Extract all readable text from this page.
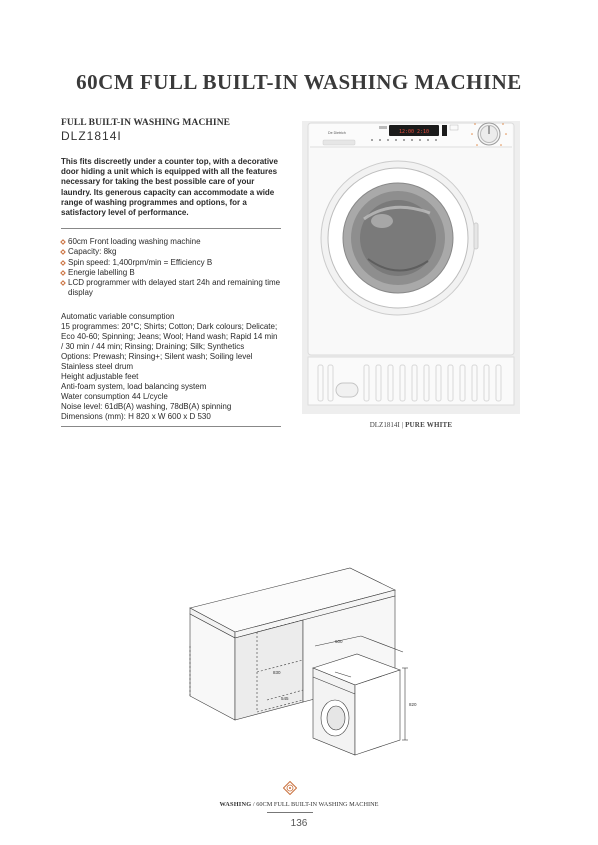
60CM FULL BUILT-IN WASHING MACHINE
FULL BUILT-IN WASHING MACHINE
DLZ1814I

This fits discreetly under a counter top, with a decorative door hiding a unit which is equipped with all the features necessary for taking the best possible care of your laundry. Its generous capacity can accommodate a wide range of washing programmes and options, for a satisfactory level of performance.

60cm Front loading washing machine
Capacity: 8kg
Spin speed: 1,400rpm/min = Efficiency B
Energie labelling B
LCD programmer with delayed start 24h and remaining time display
Automatic variable consumption
15 programmes: 20°C; Shirts; Cotton; Dark colours; Delicate; Eco 40-60; Spinning; Jeans; Wool; Hand wash; Rapid 14 min / 30 min / 44 min; Rinsing; Draining; Silk; Synthetics
Options: Prewash; Rinsing+; Silent wash; Soiling level
Stainless steel drum
Height adjustable feet
Anti-foam system, load balancing system
Water consumption 44 L/cycle
Noise level: 61dB(A) washing, 78dB(A) spinning
Dimensions (mm): H 820 x W 600 x D 530
De Dietrich	12:00 2:10
DLZ1814I | PURE WHITE
600
820
830
545
WASHING / 60CM FULL BUILT-IN WASHING MACHINE
136
